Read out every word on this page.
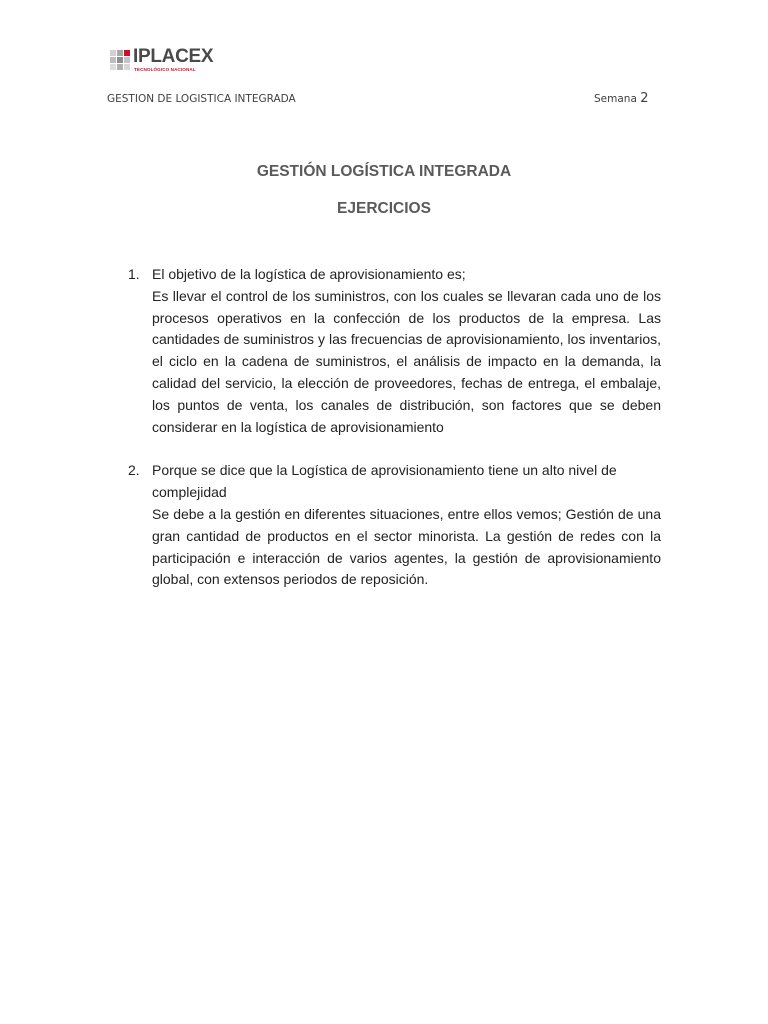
IPLACEX
TECNOLÓGICO NACIONAL
GESTION DE LOGISTICA INTEGRADA	Semana 2
GESTIÓN LOGÍSTICA INTEGRADA
EJERCICIOS
1. El objetivo de la logística de aprovisionamiento es;
Es llevar el control de los suministros, con los cuales se llevaran cada uno de los procesos operativos en la confección de los productos de la empresa. Las cantidades de suministros y las frecuencias de aprovisionamiento, los inventarios, el ciclo en la cadena de suministros, el análisis de impacto en la demanda, la calidad del servicio, la elección de proveedores, fechas de entrega, el embalaje, los puntos de venta, los canales de distribución, son factores que se deben considerar en la logística de aprovisionamiento
2. Porque se dice que la Logística de aprovisionamiento tiene un alto nivel de complejidad
Se debe a la gestión en diferentes situaciones, entre ellos vemos; Gestión de una gran cantidad de productos en el sector minorista. La gestión de redes con la participación e interacción de varios agentes, la gestión de aprovisionamiento global, con extensos periodos de reposición.
